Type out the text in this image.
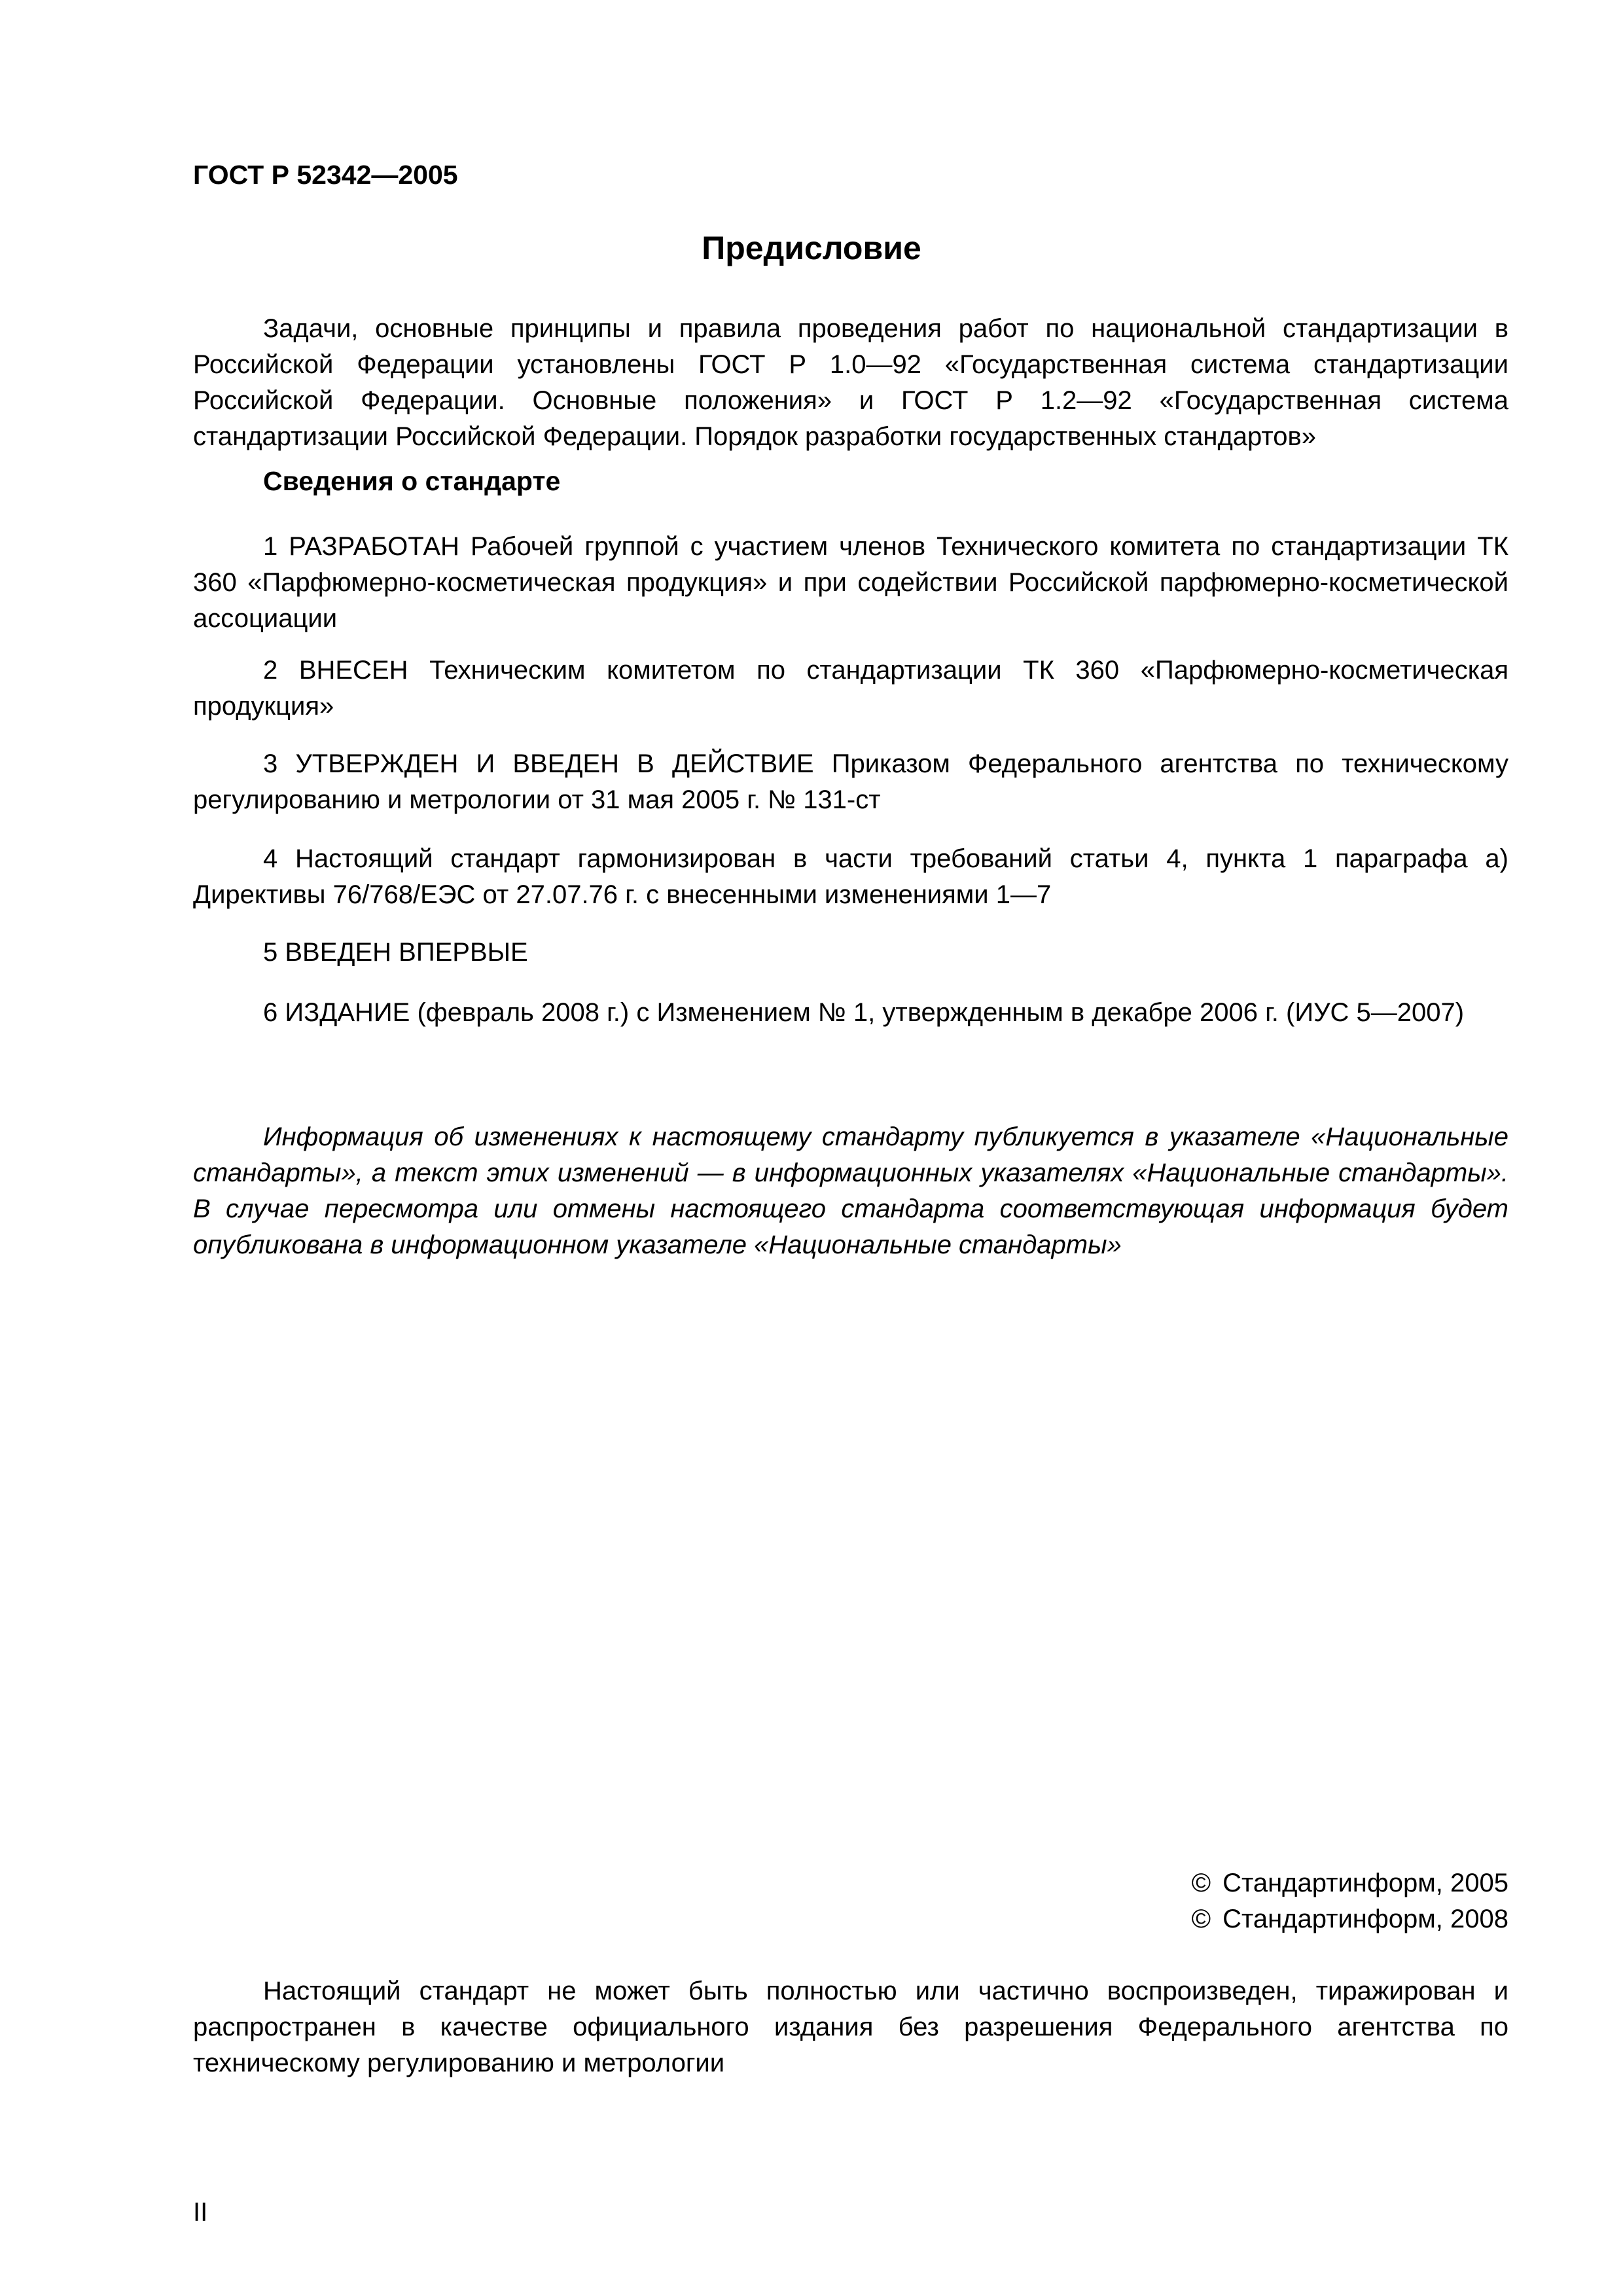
ГОСТ Р 52342—2005

Предисловие

Задачи, основные принципы и правила проведения работ по национальной стандартизации в Российской Федерации установлены ГОСТ Р 1.0—92 «Государственная система стандартизации Российской Федерации. Основные положения» и ГОСТ Р 1.2—92 «Государственная система стандартизации Российской Федерации. Порядок разработки государственных стандартов»

Сведения о стандарте

1 РАЗРАБОТАН Рабочей группой с участием членов Технического комитета по стандартизации ТК 360 «Парфюмерно-косметическая продукция» и при содействии Российской парфюмерно-косметической ассоциации

2 ВНЕСЕН Техническим комитетом по стандартизации ТК 360 «Парфюмерно-косметическая продукция»

3 УТВЕРЖДЕН И ВВЕДЕН В ДЕЙСТВИЕ Приказом Федерального агентства по техническому регулированию и метрологии от 31 мая 2005 г. № 131-ст

4 Настоящий стандарт гармонизирован в части требований статьи 4, пункта 1 параграфа а) Директивы 76/768/ЕЭС от 27.07.76 г. с внесенными изменениями 1—7

5 ВВЕДЕН ВПЕРВЫЕ

6 ИЗДАНИЕ (февраль 2008 г.) с Изменением № 1, утвержденным в декабре 2006 г. (ИУС 5—2007)

Информация об изменениях к настоящему стандарту публикуется в указателе «Национальные стандарты», а текст этих изменений — в информационных указателях «Национальные стандарты». В случае пересмотра или отмены настоящего стандарта соответствующая информация будет опубликована в информационном указателе «Национальные стандарты»

© Стандартинформ, 2005

© Стандартинформ, 2008

Настоящий стандарт не может быть полностью или частично воспроизведен, тиражирован и распространен в качестве официального издания без разрешения Федерального агентства по техническому регулированию и метрологии

II
